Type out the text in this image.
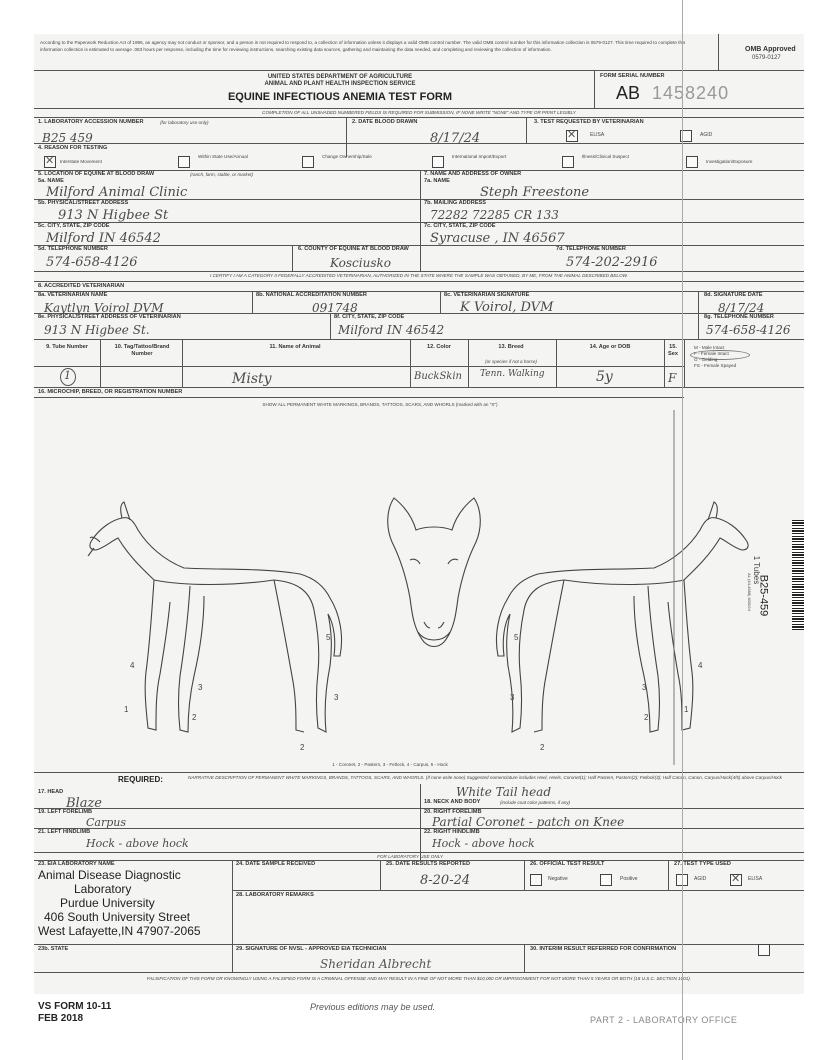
According to the Paperwork Reduction Act of 1995, an agency may not conduct or sponsor, and a person is not required to respond to, a collection of information unless it displays a valid OMB control number. The valid OMB control number for this information collection is 0579-0127. This time required to complete this information collection is estimated to average .083 hours per response, including the time for reviewing instructions, searching existing data sources, gathering and maintaining the data needed, and completing and reviewing the collection of information.	OMB Approved
0579-0127
UNITED STATES DEPARTMENT OF AGRICULTURE
ANIMAL AND PLANT HEALTH INSPECTION SERVICE
EQUINE INFECTIOUS ANEMIA TEST FORM
FORM SERIAL NUMBER
AB 1458240
COMPLETION OF ALL UNSHADED NUMBERED FIELDS IS REQUIRED FOR SUBMISSION, IF NONE WRITE "NONE" AND TYPE OR PRINT LEGIBLY
1. LABORATORY ACCESSION NUMBER	(for laboratory use only)
B25 459
2. DATE BLOOD DRAWN
8/17/24
3. TEST REQUESTED BY VETERINARIAN
✕
ELISA	AGID
4. REASON FOR TESTING
✕
Interstate Movement
Within State Use/Annual	Change Ownership/Sale	International Import/Export	Illness/Clinical Suspect
Investigation/Exposure
5. LOCATION OF EQUINE AT BLOOD DRAW	(ranch, farm, stable, or market)
5a. NAME
Milford Animal Clinic
5b. PHYSICAL/STREET ADDRESS
913 N Higbee St
5c. CITY, STATE, ZIP CODE
Milford IN 46542
5d. TELEPHONE NUMBER
574-658-4126
6. COUNTY OF EQUINE AT BLOOD DRAW
Kosciusko
7. NAME AND ADDRESS OF OWNER
7a. NAME
Steph Freestone
7b. MAILING ADDRESS
72282 72285 CR 133
7c. CITY, STATE, ZIP CODE
Syracuse , IN 46567
7d. TELEPHONE NUMBER
574-202-2916
I CERTIFY I AM A CATEGORY II FEDERALLY ACCREDITED VETERINARIAN, AUTHORIZED IN THE STATE WHERE THE SAMPLE WAS OBTAINED, BY ME, FROM THE ANIMAL DESCRIBED BELOW.
8. ACCREDITED VETERINARIAN
8a. VETERINARIAN NAME
Kaytlyn Voirol DVM
8b. NATIONAL ACCREDITATION NUMBER
091748
8c. VETERINARIAN SIGNATURE
K Voirol, DVM
8d. SIGNATURE DATE
8/17/24
8e. PHYSICAL/STREET ADDRESS OF VETERINARIAN
913 N Higbee St.
8f. CITY, STATE, ZIP CODE
Milford IN 46542
8g. TELEPHONE NUMBER
574-658-4126
9. Tube Number	10. Tag/Tattoo/Brand Number
11. Name of Animal	12. Color	13. Breed
(or species if not a horse)
14. Age or DOB	15. Sex
M - Male Intact
F - Female Intact
G - Gelding
FS - Female Spayed
1	Misty	BuckSkin Tenn. Walking	5y	F
16. MICROCHIP, BREED, OR REGISTRATION NUMBER
SHOW ALL PERMANENT WHITE MARKINGS, BRANDS, TATTOOS, SCARS, AND WHORLS (marked with an "X")
4
3
1
2
5
3
2
5
3
2
4
3
1
2
1 - Coronet, 2 - Pastern, 3 - Fetlock, 4 - Carpus, 5 - Hock
B25-459
1 Tubes
AL (44-4688) 8/20/24
REQUIRED:	NARRATIVE DESCRIPTION OF PERMANENT WHITE MARKINGS, BRANDS, TATTOOS, SCARS, AND WHORLS. (If none write none) Suggested nomenclature includes Heel, Heels, Coronet(1); Half Pastern, Pastern(2); Fetlock(3); Half Canon, Canon, Carpus/Hock(4/5) above Carpus/Hock
17. HEAD
Blaze
White Tail head
18. NECK AND BODY	(include coat color patterns, if any)
19. LEFT FORELIMB
Carpus
20. RIGHT FORELIMB
Partial Coronet - patch on Knee
21. LEFT HINDLIMB
Hock - above hock
22. RIGHT HINDLIMB
Hock - above hock
FOR LABORATORY USE ONLY
23. EIA LABORATORY NAME
Animal Disease Diagnostic
Laboratory
Purdue University
406 South University Street
West Lafayette,IN 47907-2065
24. DATE SAMPLE RECEIVED	25. DATE RESULTS REPORTED
8-20-24
26. OFFICIAL TEST RESULT
Negative	Positive
27. TEST TYPE USED
AGID
✕	ELISA
28. LABORATORY REMARKS
23b. STATE	29. SIGNATURE OF NVSL - APPROVED EIA TECHNICIAN	30. INTERIM RESULT REFERRED FOR CONFIRMATION
Sheridan Albrecht
FALSIFICATION OF THIS FORM OR KNOWINGLY USING A FALSIFIED FORM IS A CRIMINAL OFFENSE AND MAY RESULT IN A FINE OF NOT MORE THAN $10,000 OR IMPRISONMENT FOR NOT MORE THAN 5 YEARS OR BOTH (18 U.S.C. SECTION 1001).
VS FORM 10-11
FEB 2018
Previous editions may be used.
PART 2 - LABORATORY OFFICE
